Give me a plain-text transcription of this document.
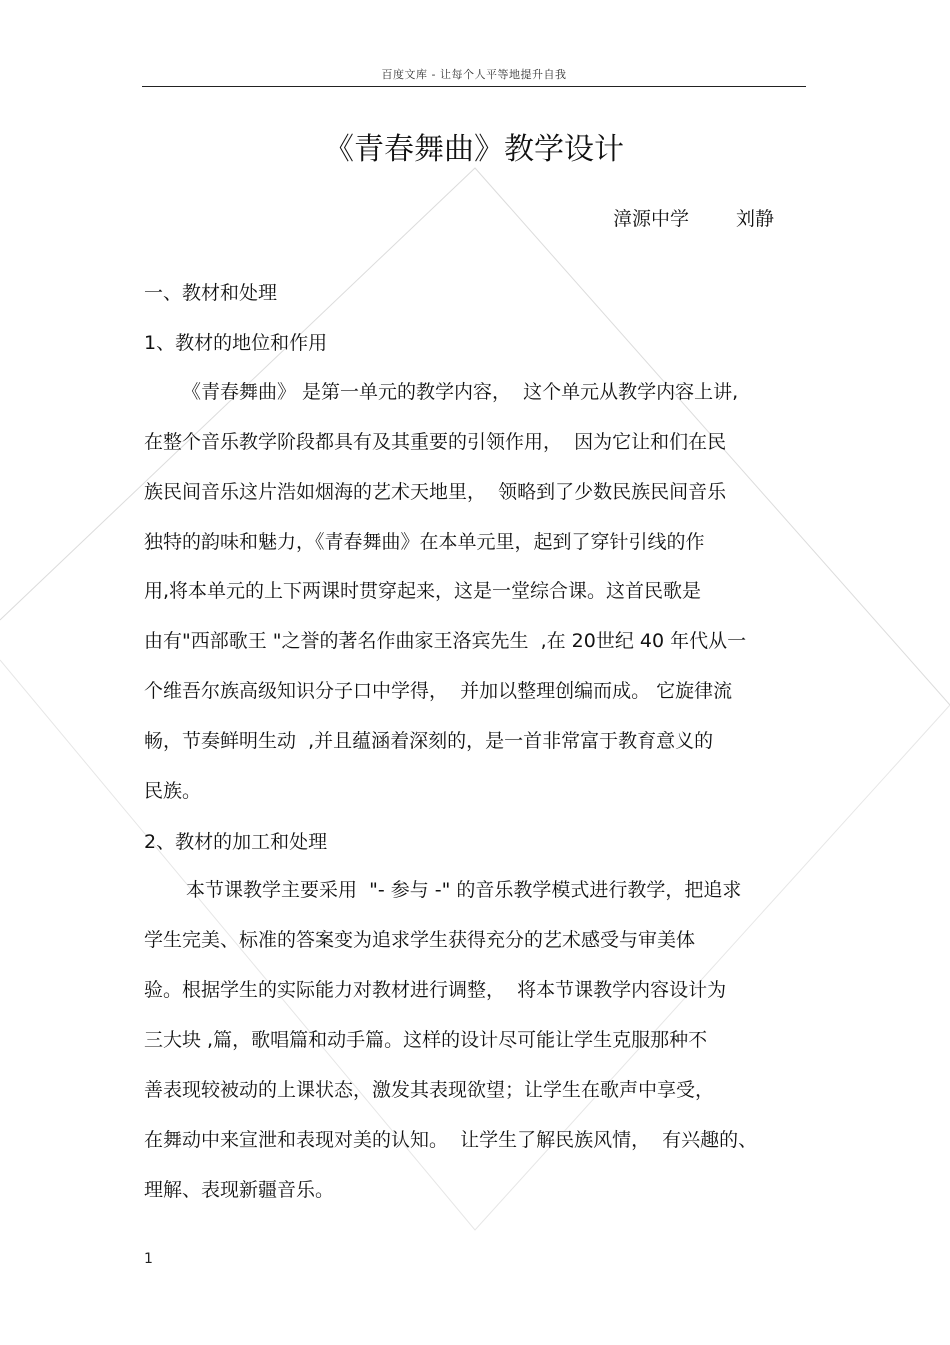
百度文库 - 让每个人平等地提升自我
《青春舞曲》教学设计
漳源中学 刘静
一、教材和处理
1、教材的地位和作用
《青春舞曲》 是第一单元的教学内容，  这个单元从教学内容上讲,
在整个音乐教学阶段都具有及其重要的引领作用，  因为它让和们在民
族民间音乐这片浩如烟海的艺术天地里，  领略到了少数民族民间音乐
独特的韵味和魅力，《青春舞曲》在本单元里，起到了穿针引线的作
用,将本单元的上下两课时贯穿起来，这是一堂综合课。这首民歌是
由有"西部歌王 "之誉的著名作曲家王洛宾先生  ,在 20世纪 40 年代从一
个维吾尔族高级知识分子口中学得，  并加以整理创编而成。 它旋律流
畅，节奏鲜明生动  ,并且蕴涵着深刻的，是一首非常富于教育意义的
民族。
2、教材的加工和处理
本节课教学主要采用  "- 参与 -" 的音乐教学模式进行教学，把追求
学生完美、标准的答案变为追求学生获得充分的艺术感受与审美体
验。根据学生的实际能力对教材进行调整，  将本节课教学内容设计为
三大块 ,篇，歌唱篇和动手篇。这样的设计尽可能让学生克服那种不
善表现较被动的上课状态，激发其表现欲望；让学生在歌声中享受，
在舞动中来宣泄和表现对美的认知。  让学生了解民族风情，  有兴趣的、
理解、表现新疆音乐。
1
